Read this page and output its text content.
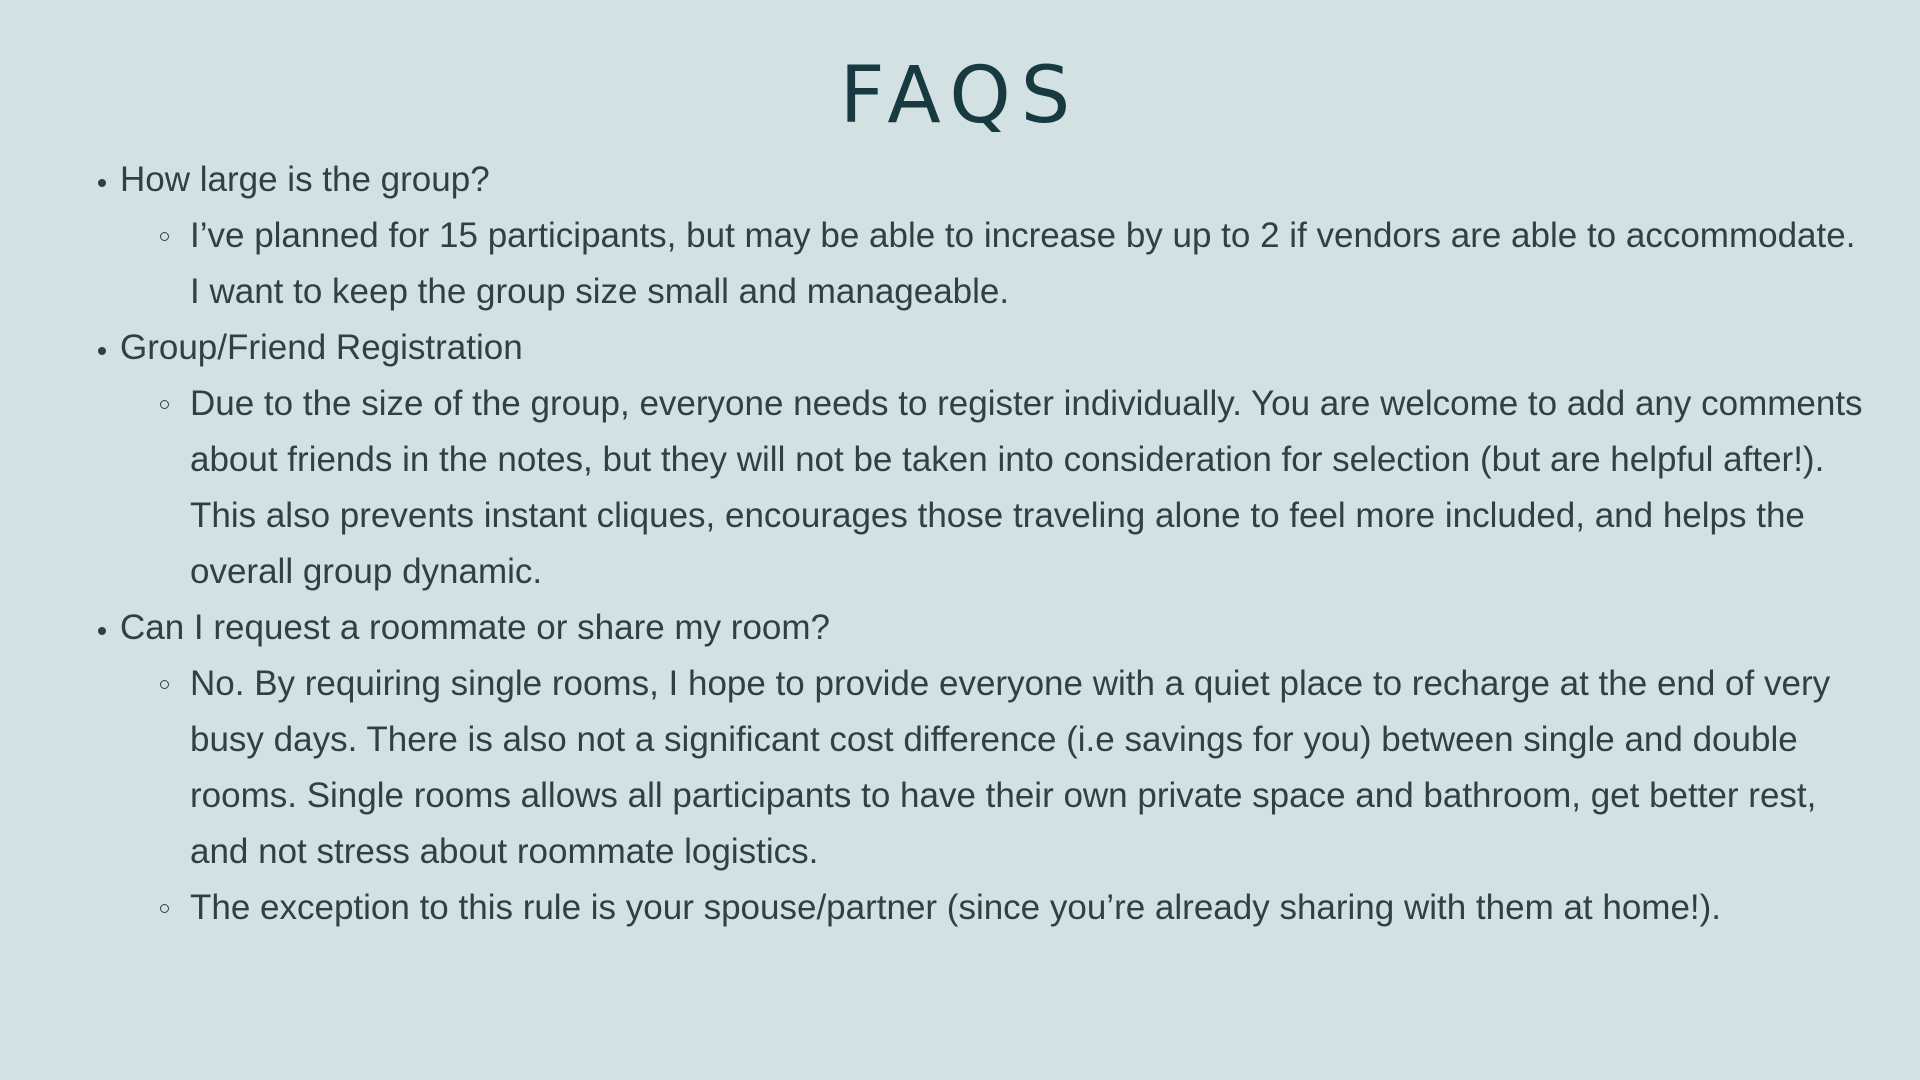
FAQS
How large is the group?
I’ve planned for 15 participants, but may be able to increase by up to 2 if vendors are able to accommodate. I want to keep the group size small and manageable.
Group/Friend Registration
Due to the size of the group, everyone needs to register individually. You are welcome to add any comments about friends in the notes, but they will not be taken into consideration for selection (but are helpful after!). This also prevents instant cliques, encourages those traveling alone to feel more included, and helps the overall group dynamic.
Can I request a roommate or share my room?
No. By requiring single rooms, I hope to provide everyone with a quiet place to recharge at the end of very busy days. There is also not a significant cost difference (i.e savings for you) between single and double rooms. Single rooms allows all participants to have their own private space and bathroom, get better rest, and not stress about roommate logistics.
The exception to this rule is your spouse/partner (since you’re already sharing with them at home!).
